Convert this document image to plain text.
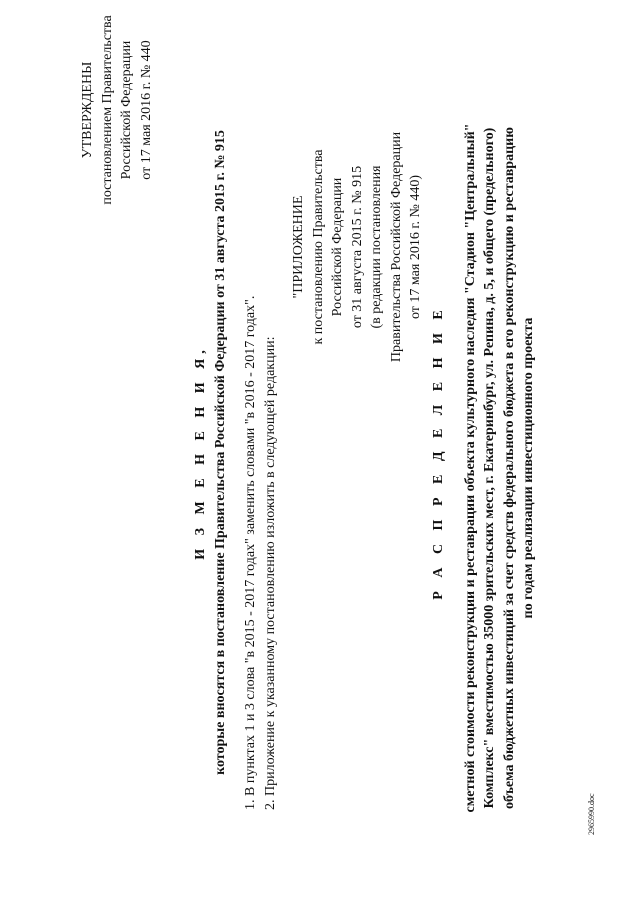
УТВЕРЖДЕНЫ постановлением Правительства Российской Федерации от 17 мая 2016 г. № 440
И З М Е Н Е Н И Я, которые вносятся в постановление Правительства Российской Федерации от 31 августа 2015 г. № 915 1. В пунктах 1 и 3 слова "в 2015 - 2017 годах" заменить словами "в 2016 - 2017 годах". 2. Приложение к указанному постановлению изложить в следующей редакции:
"ПРИЛОЖЕНИЕ к постановлению Правительства Российской Федерации от 31 августа 2015 г. № 915 (в редакции постановления Правительства Российской Федерации от 17 мая 2016 г. № 440)
Р А С П Р Е Д Е Л Е Н И Е сметной стоимости реконструкции и реставрации объекта культурного наследия "Стадион "Центральный" Комплекс" вместимостью 35000 зрительских мест, г. Екатеринбург, ул. Репина, д. 5, и общего (предельного) объема бюджетных инвестиций за счет средств федерального бюджета в его реконструкцию и реставрацию по годам реализации инвестиционного проекта
2965990.doc
